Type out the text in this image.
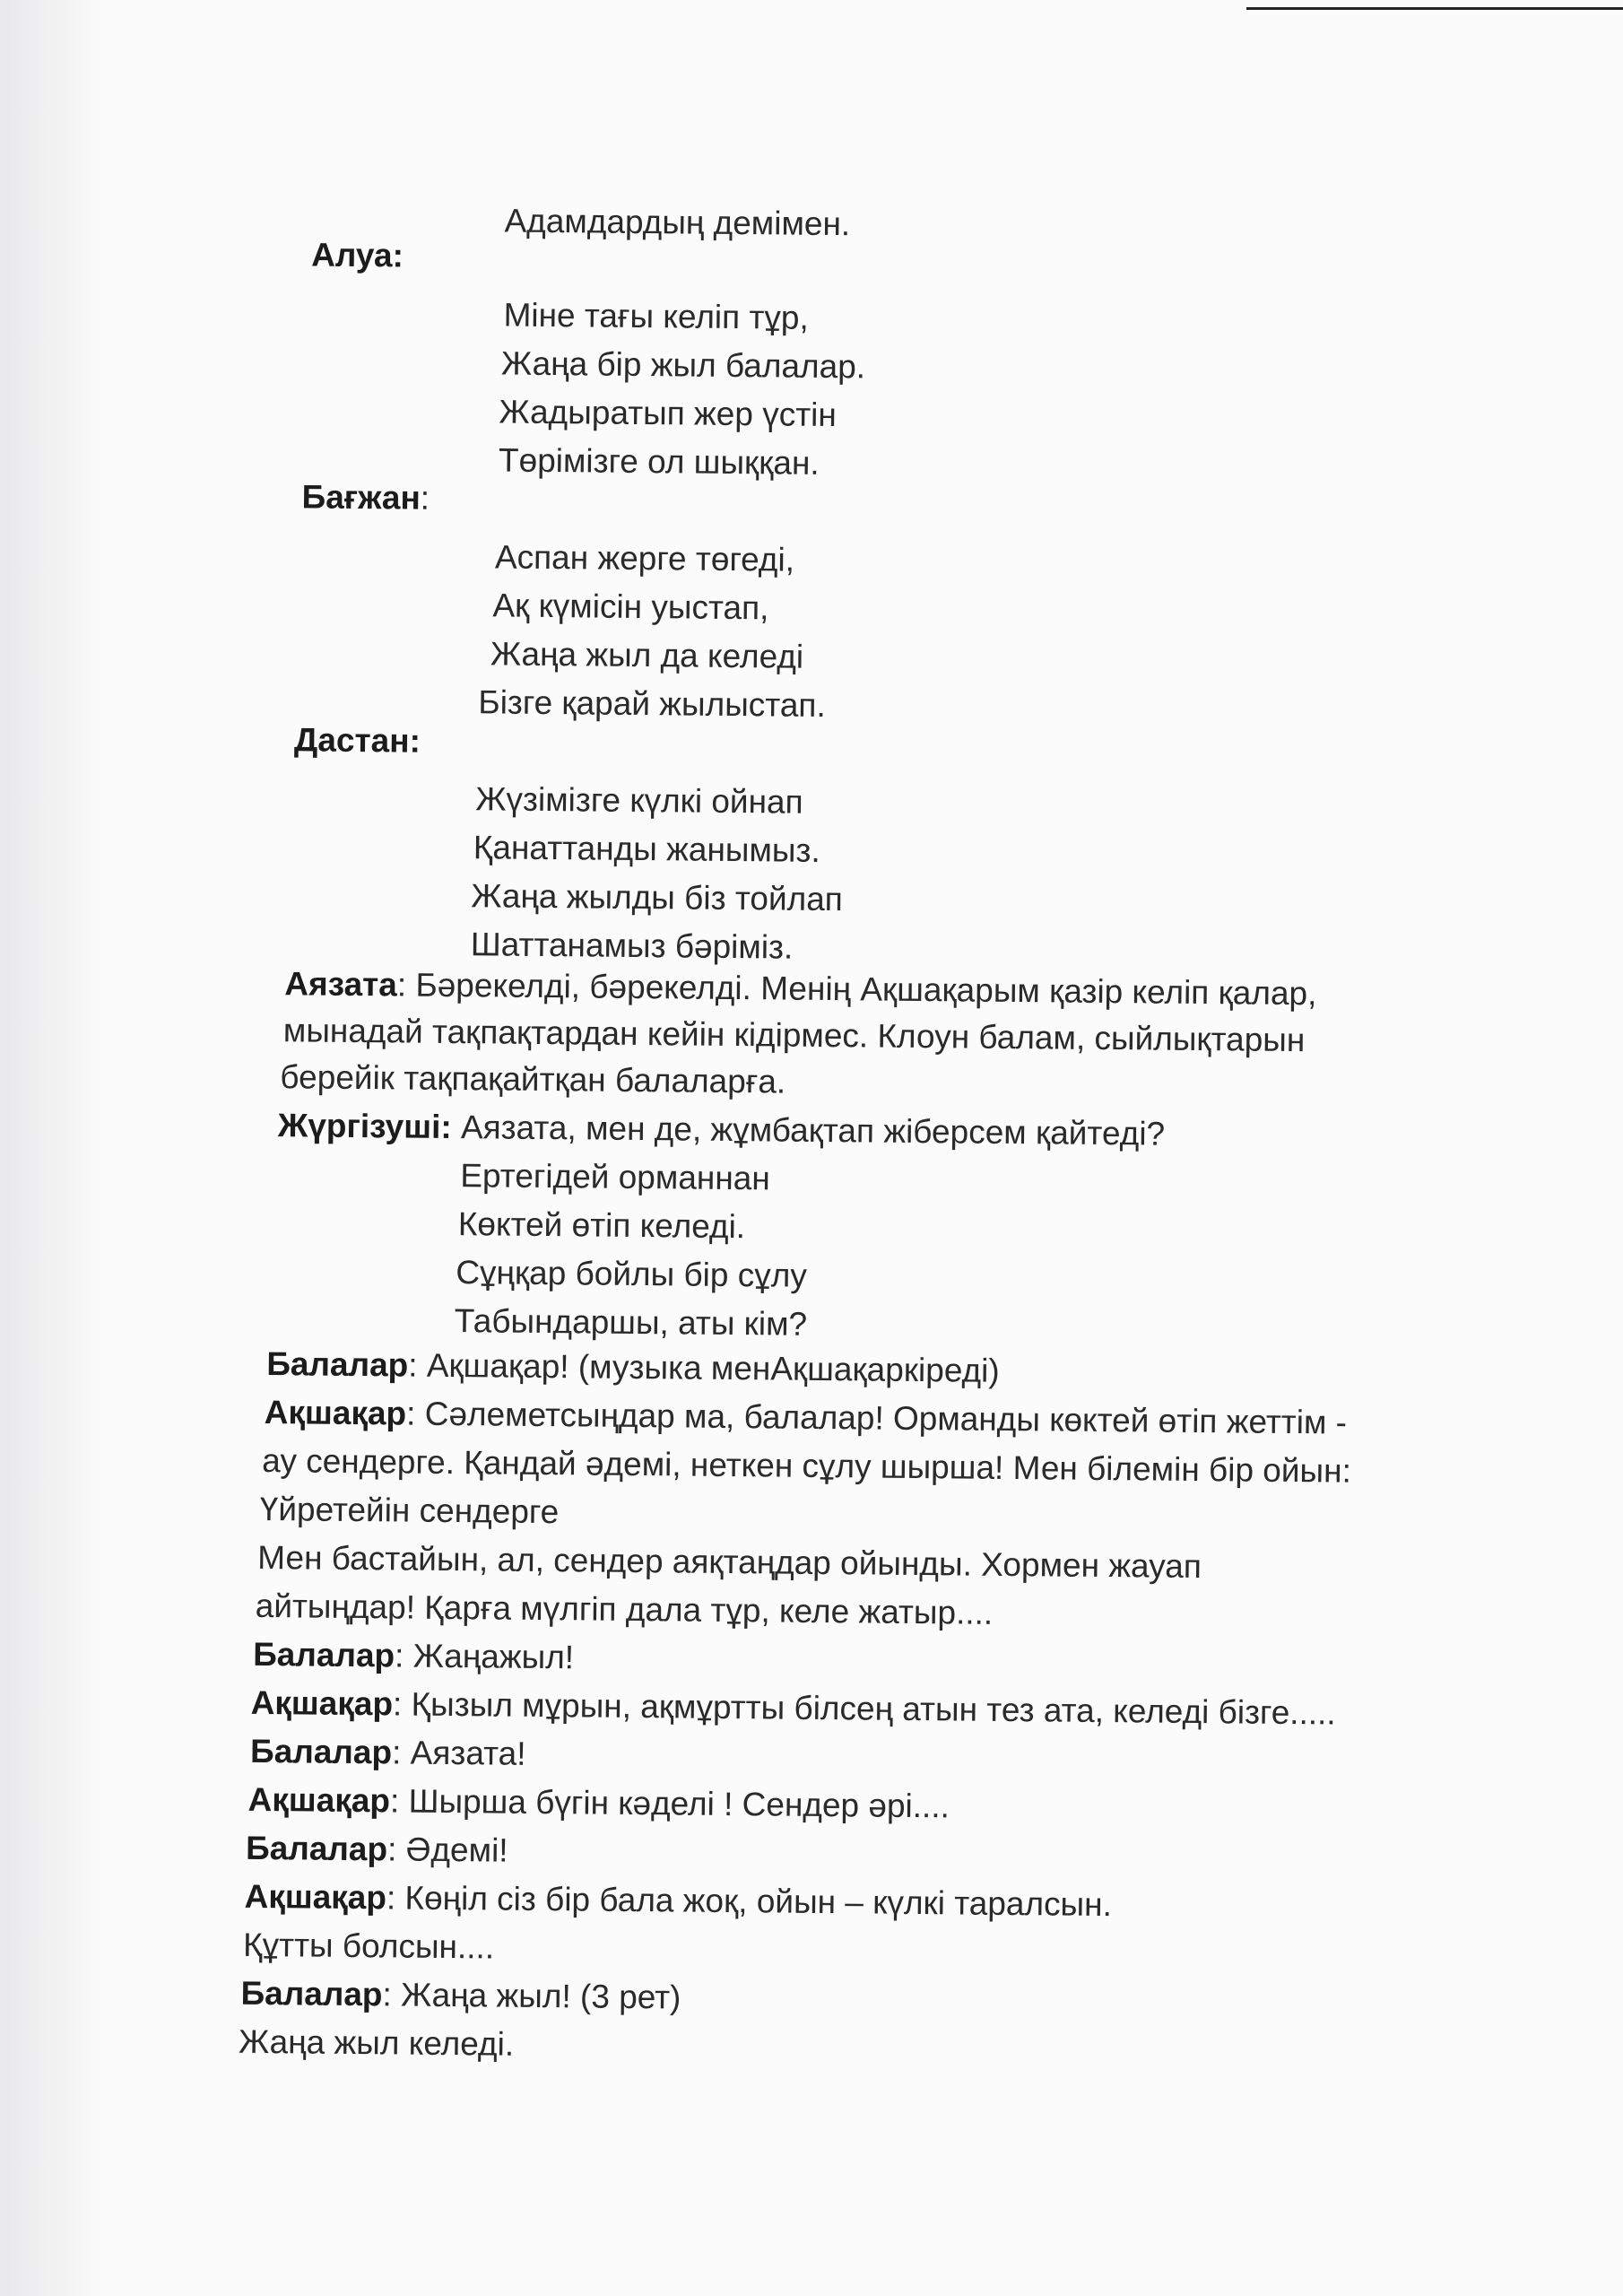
Адамдардың демімен.
Алуа:
Міне тағы келіп тұр,
Жаңа бір жыл балалар.
Жадыратып жер үстін
Төрімізге ол шыққан.
Бағжан:
Аспан жерге төгеді,
Ақ күмісін уыстап,
Жаңа жыл да келеді
Бізге қарай жылыстап.
Дастан:
Жүзімізге күлкі ойнап
Қанаттанды жанымыз.
Жаңа жылды біз тойлап
Шаттанамыз бәріміз.
Аязата: Бәрекелді, бәрекелді. Менің Ақшақарым қазір келіп қалар,
мынадай тақпақтардан кейін кідірмес. Клоун балам, сыйлықтарын
берейік тақпақайтқан балаларға.
Жүргізуші: Аязата, мен де, жұмбақтап жіберсем қайтеді?
Ертегідей орманнан
Көктей өтіп келеді.
Сұңқар бойлы бір сұлу
Табындаршы, аты кім?
Балалар: Ақшақар! (музыка менАқшақаркіреді)
Ақшақар: Сәлеметсыңдар ма, балалар! Орманды көктей өтіп жеттім -
ау сендерге. Қандай әдемі, неткен сұлу шырша! Мен білемін бір ойын:
Үйретейін сендерге
Мен бастайын, ал, сендер аяқтаңдар ойынды. Хормен жауап
айтыңдар! Қарға мүлгіп дала тұр, келе жатыр....
Балалар: Жаңажыл!
Ақшақар: Қызыл мұрын, ақмұртты білсең атын тез ата, келеді бізге.....
Балалар: Аязата!
Ақшақар: Шырша бүгін кәделі ! Сендер әрі....
Балалар: Әдемі!
Ақшақар: Көңіл сіз бір бала жоқ, ойын – күлкі таралсын.
Құтты болсын....
Балалар: Жаңа жыл! (3 рет)
Жаңа жыл келеді.
